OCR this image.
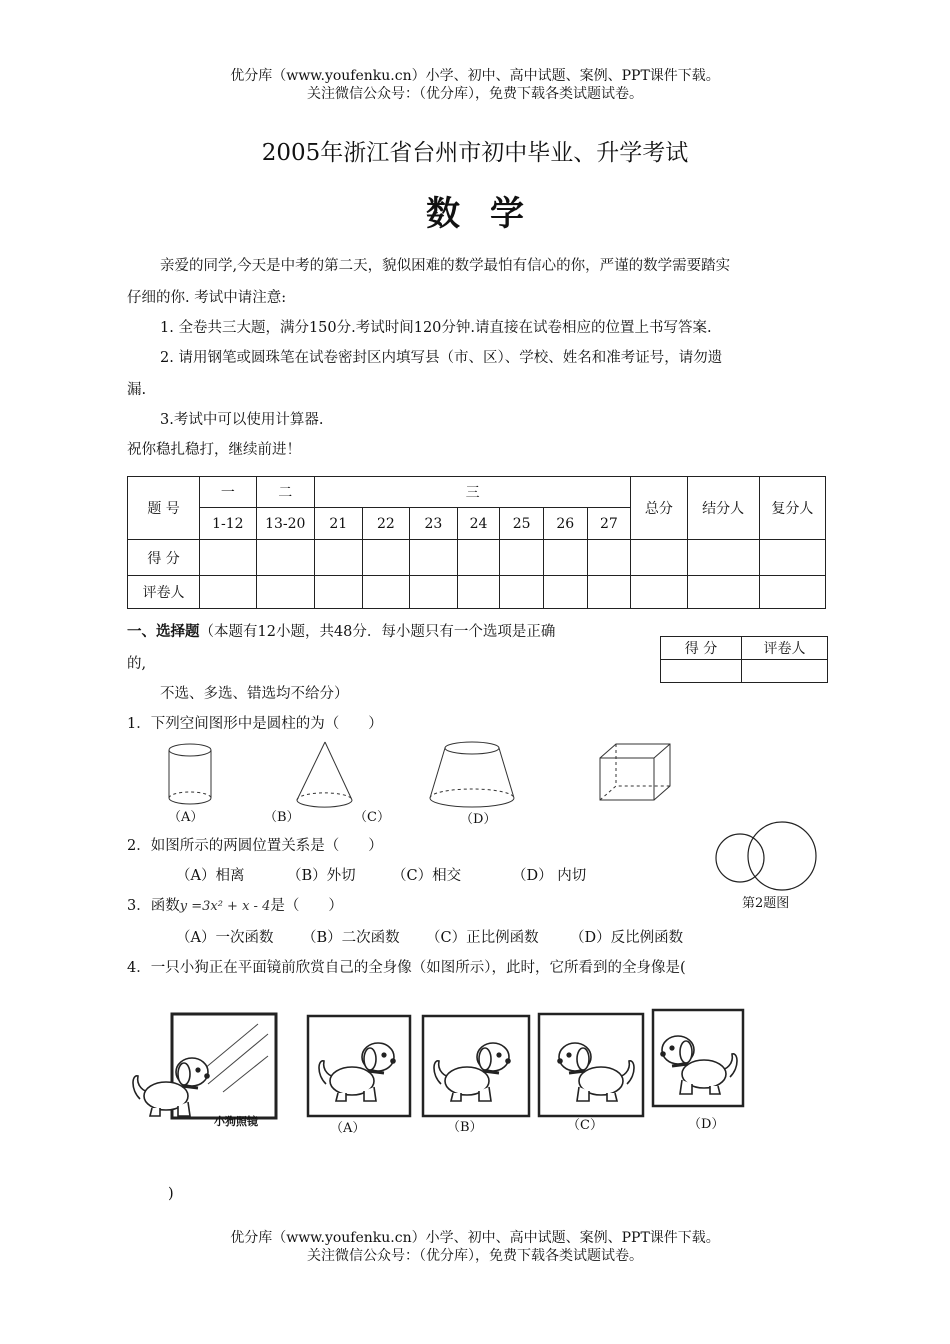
优分库（www.youfenku.cn）小学、初中、高中试题、案例、PPT课件下载。
关注微信公众号：（优分库），免费下载各类试题试卷。
2005年浙江省台州市初中毕业、升学考试
数学
亲爱的同学,今天是中考的第二天，貌似困难的数学最怕有信心的你，严谨的数学需要踏实
仔细的你. 考试中请注意:
1. 全卷共三大题，满分150分.考试时间120分钟.请直接在试卷相应的位置上书写答案.
2. 请用钢笔或圆珠笔在试卷密封区内填写县（市、区）、学校、姓名和准考证号，请勿遗
漏.
3.考试中可以使用计算器.
祝你稳扎稳打，继续前进！
题 号	一	二	三							总分	结分人	复分人
	1-12	13-20	21	22	23	24	25	26	27			
得 分												
评卷人												
一、选择题（本题有12小题，共48分．每小题只有一个选项是正确
的,
不选、多选、错选均不给分）
得 分	评卷人

1．下列空间图形中是圆柱的为（　　）
（A）	（B）	（C）	（D）
2．如图所示的两圆位置关系是（　　）
（A）相离	（B）外切	（C）相交	（D） 内切
第2题图
3．函数y =3x² + x - 4是（　　）
（A）一次函数 （B）二次函数 （C）正比例函数 （D）反比例函数
4．一只小狗正在平面镜前欣赏自己的全身像（如图所示），此时，它所看到的全身像是(
小狗照镜	（A）	（B）	（C）	（D）
)
优分库（www.youfenku.cn）小学、初中、高中试题、案例、PPT课件下载。
关注微信公众号：（优分库），免费下载各类试题试卷。
